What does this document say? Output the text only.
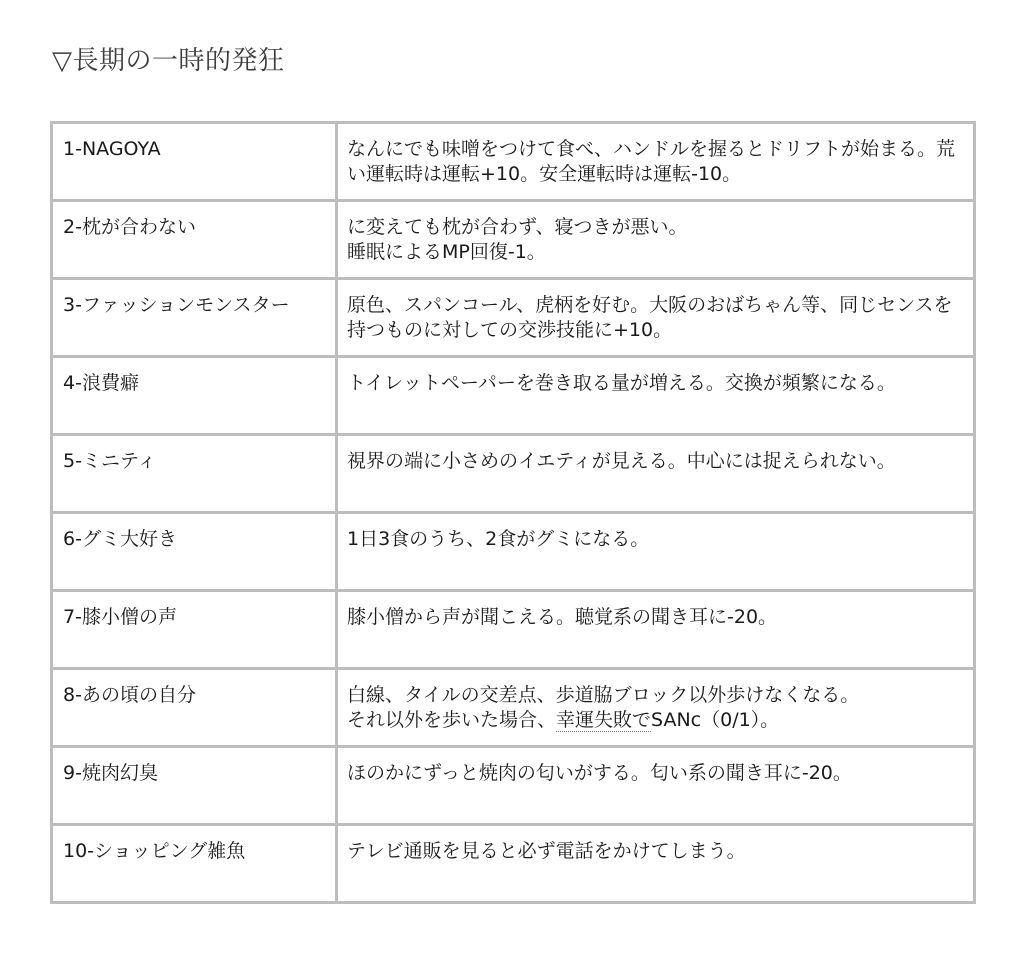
▽長期の一時的発狂
1-NAGOYA	なんにでも味噌をつけて食べ、ハンドルを握るとドリフトが始まる。荒い運転時は運転+10。安全運転時は運転-10。
2-枕が合わない	に変えても枕が合わず、寝つきが悪い。
睡眠によるMP回復-1。

3-ファッションモンスター	原色、スパンコール、虎柄を好む。大阪のおばちゃん等、同じセンスを持つものに対しての交渉技能に+10。
4-浪費癖	トイレットペーパーを巻き取る量が増える。交換が頻繁になる。
5-ミニティ	視界の端に小さめのイエティが見える。中心には捉えられない。
6-グミ大好き	1日3食のうち、2食がグミになる。
7-膝小僧の声	膝小僧から声が聞こえる。聴覚系の聞き耳に-20。
8-あの頃の自分	白線、タイルの交差点、歩道脇ブロック以外歩けなくなる。
それ以外を歩いた場合、幸運失敗でSANc（0/1）。

9-焼肉幻臭	ほのかにずっと焼肉の匂いがする。匂い系の聞き耳に-20。
10-ショッピング雑魚	テレビ通販を見ると必ず電話をかけてしまう。
